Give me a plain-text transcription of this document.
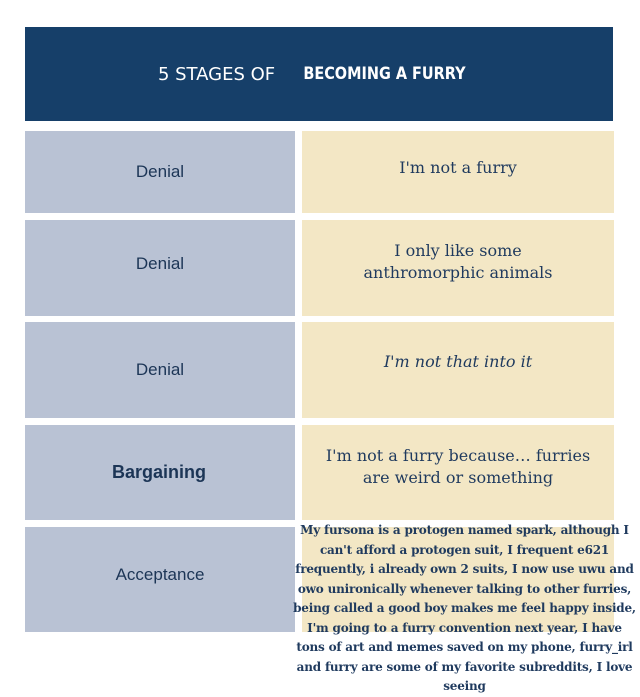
5 STAGES OF BECOMING A FURRY
Denial	I'm not a furry
Denial
I only like some anthromorphic animals
Denial	I'm not that into it
Bargaining
I'm not a furry because… furries are weird or something
Acceptance
My fursona is a protogen named spark, although I can't afford a protogen suit, I frequent e621 frequently, i already own 2 suits, I now use uwu and owo unironically whenever talking to other furries, being called a good boy makes me feel happy inside, I'm going to a furry convention next year, I have tons of art and memes saved on my phone, furry_irl and furry are some of my favorite subreddits, I love seeing
